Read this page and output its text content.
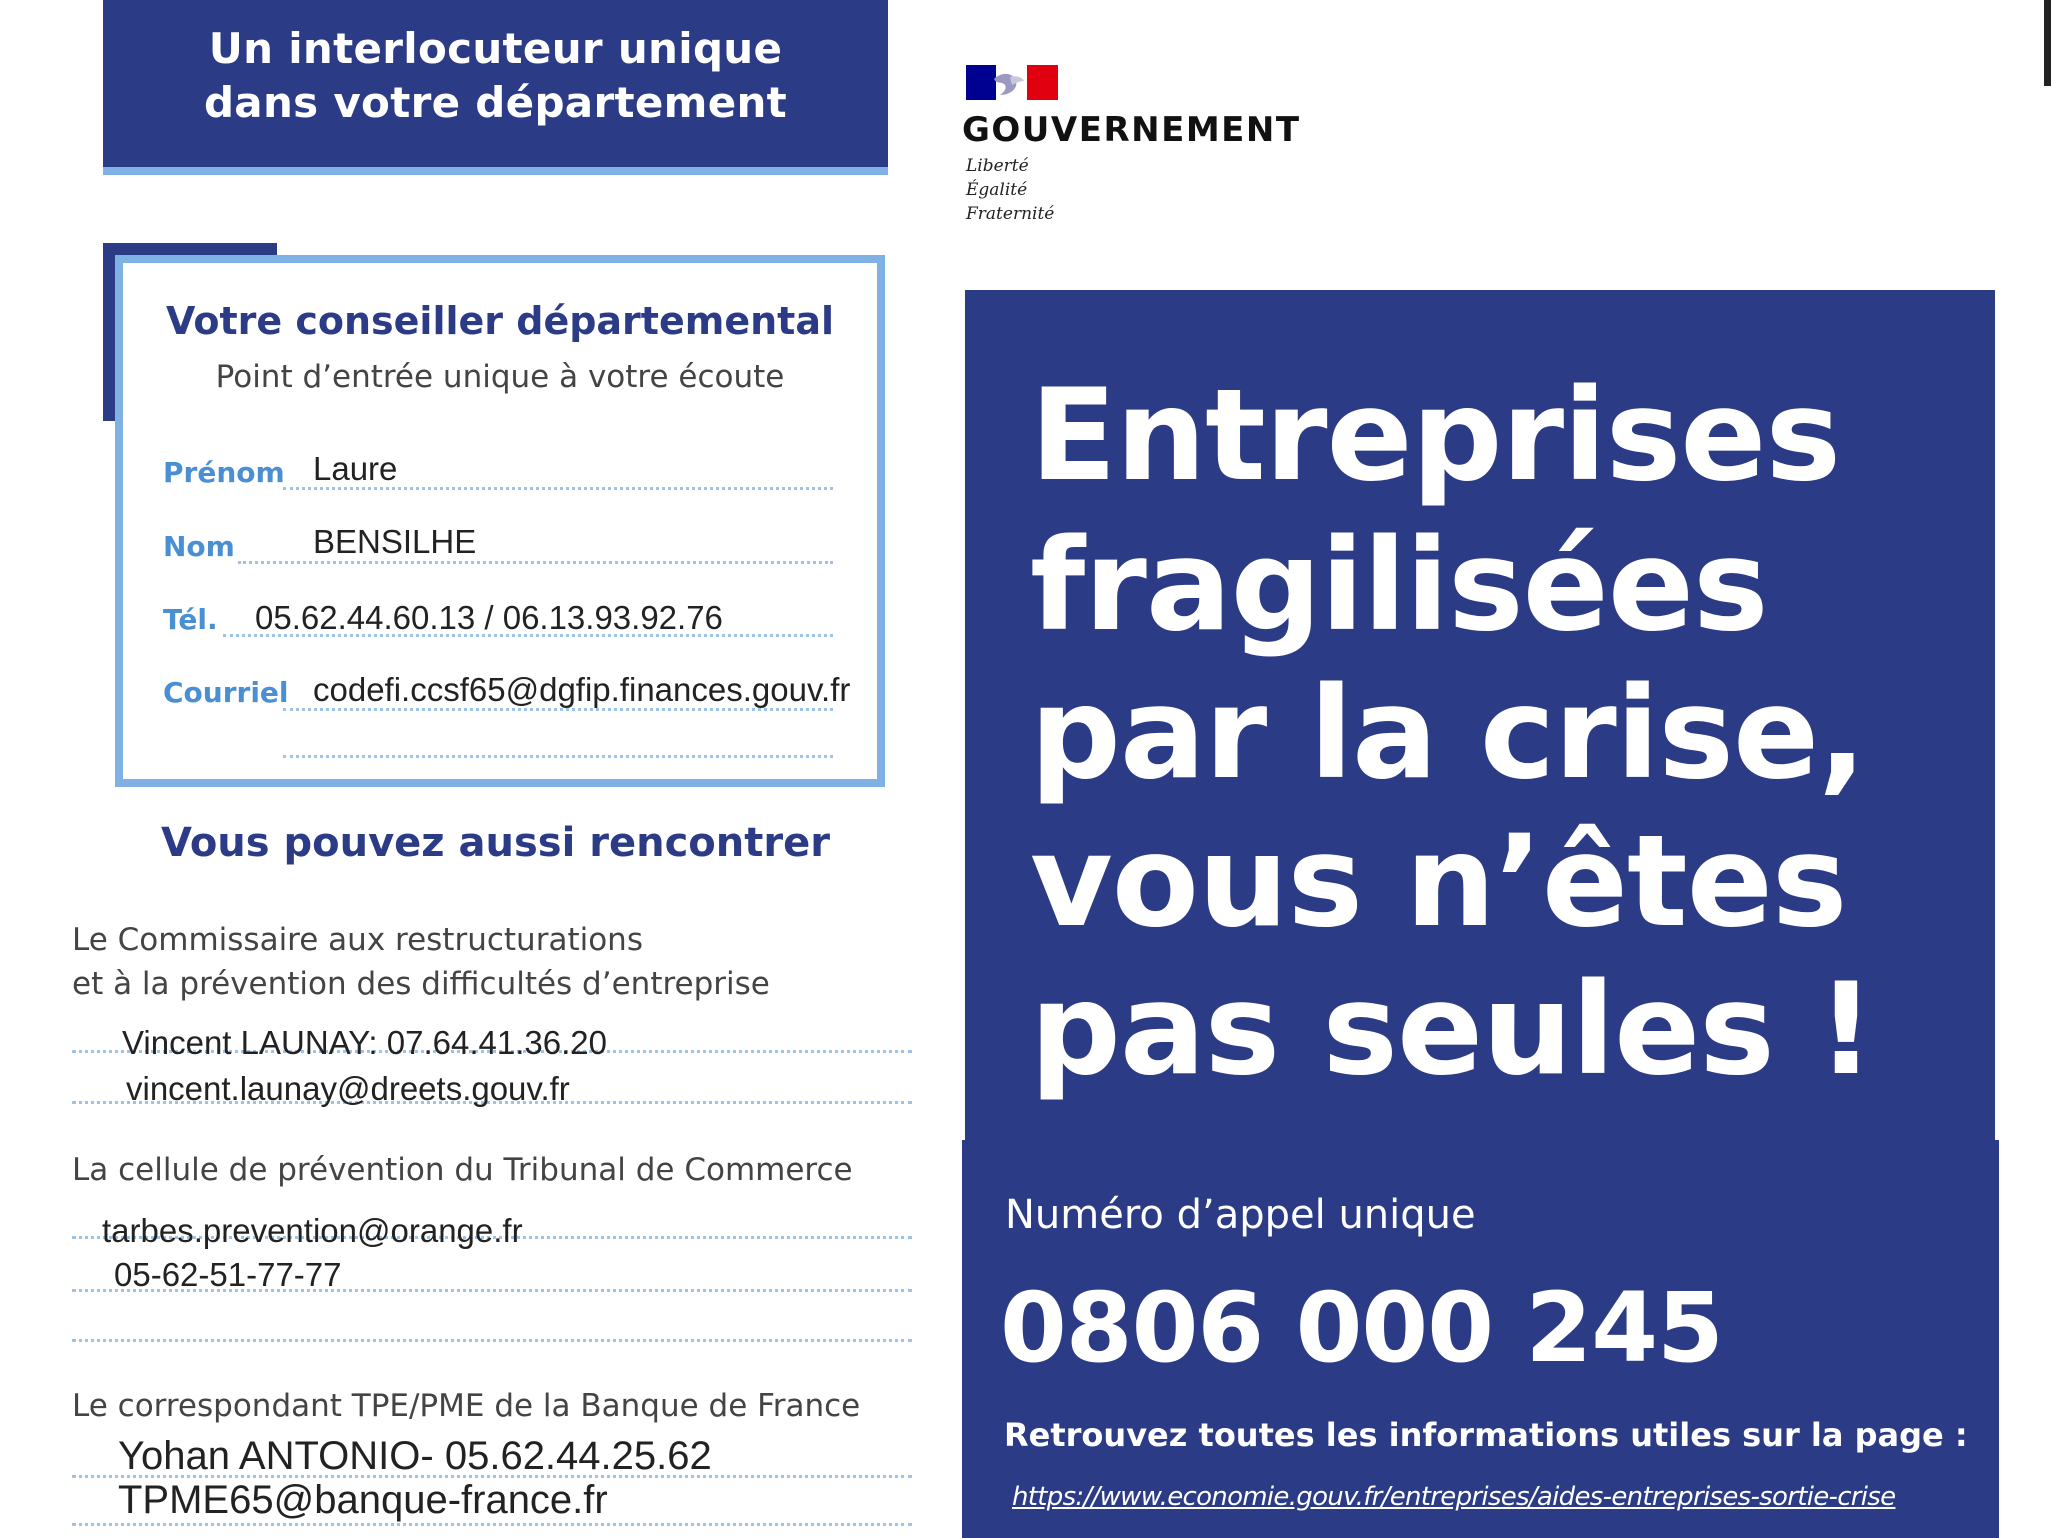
Un interlocuteur unique
dans votre département
Votre conseiller départemental
Point d’entrée unique à votre écoute
Prénom Laure
Nom BENSILHE
Tél. 05.62.44.60.13 / 06.13.93.92.76
Courriel codefi.ccsf65@dgfip.finances.gouv.fr
Vous pouvez aussi rencontrer
Le Commissaire aux restructurations
et à la prévention des difficultés d’entreprise
Vincent LAUNAY: 07.64.41.36.20
vincent.launay@dreets.gouv.fr
La cellule de prévention du Tribunal de Commerce
tarbes.prevention@orange.fr
05-62-51-77-77
Le correspondant TPE/PME de la Banque de France
Yohan ANTONIO- 05.62.44.25.62
TPME65@banque-france.fr
GOUVERNEMENT
Liberté
Égalité
Fraternité
Entreprises
fragilisées
par la crise,
vous n’êtes
pas seules !
Numéro d’appel unique
0806 000 245
Retrouvez toutes les informations utiles sur la page :
https://www.economie.gouv.fr/entreprises/aides-entreprises-sortie-crise
